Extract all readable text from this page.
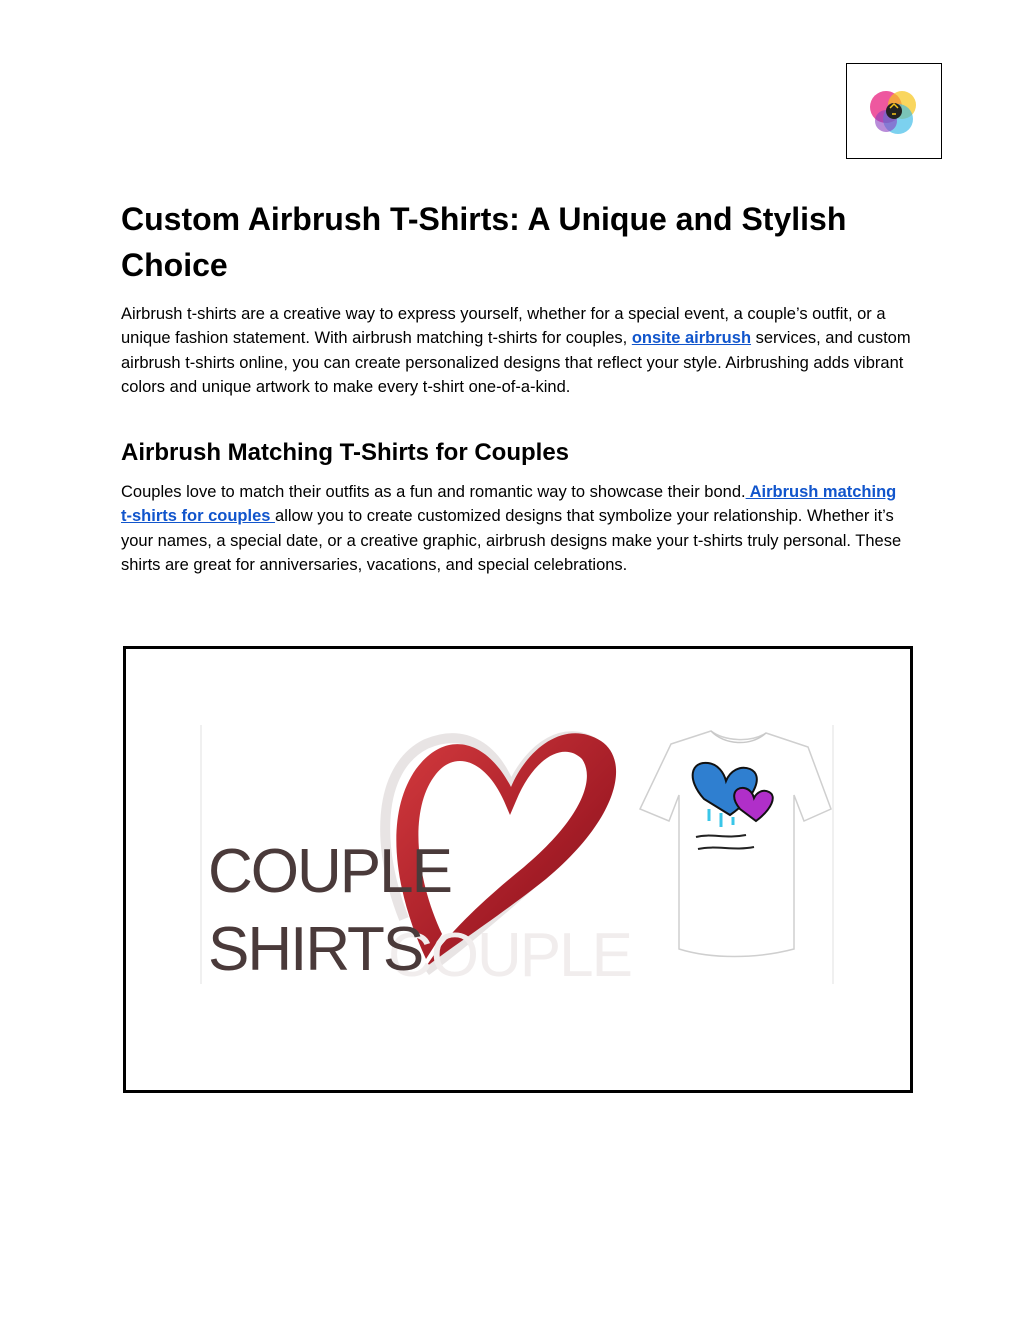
Custom Airbrush T-Shirts: A Unique and Stylish Choice

Airbrush t-shirts are a creative way to express yourself, whether for a special event, a couple’s outfit, or a unique fashion statement. With airbrush matching t-shirts for couples, onsite airbrush services, and custom airbrush t-shirts online, you can create personalized designs that reflect your style. Airbrushing adds vibrant colors and unique artwork to make every t-shirt one-of-a-kind.

Airbrush Matching T-Shirts for Couples

Couples love to match their outfits as a fun and romantic way to showcase their bond. Airbrush matching t-shirts for couples allow you to create customized designs that symbolize your relationship. Whether it’s your names, a special date, or a creative graphic, airbrush designs make your t-shirts truly personal. These shirts are great for anniversaries, vacations, and special celebrations.

COUPLE
COUPLE
SHIRTS
